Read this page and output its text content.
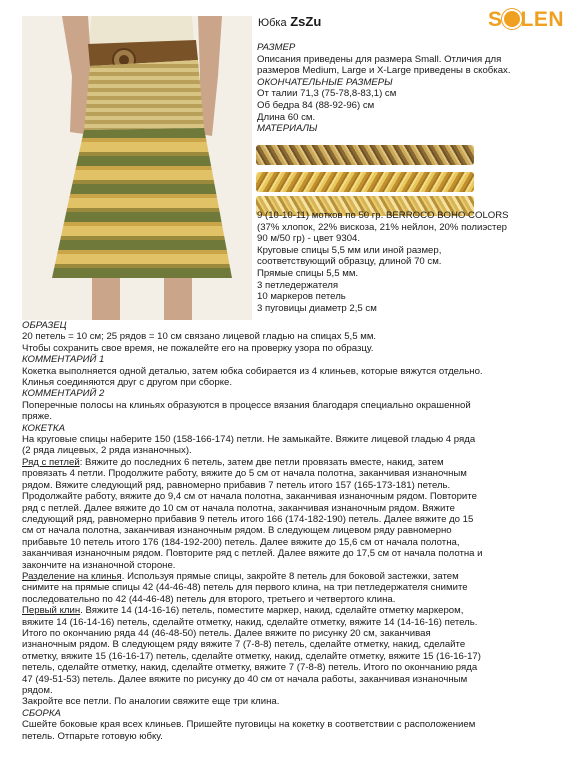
Юбка ZsZu	S LEN

РАЗМЕР

Описания приведены для размера Small. Отличия для

размеров Medium, Large и X-Large приведены в скобках.

ОКОНЧАТЕЛЬНЫЕ РАЗМЕРЫ

От талии 71,3 (75-78,8-83,1) см

Об бедра 84 (88-92-96) см

Длина 60 см.

МАТЕРИАЛЫ

9 (10-10-11) мотков по 50 гр. BERROCO BOHO COLORS

(37% хлопок, 22% вискоза, 21% нейлон, 20% полиэстер

90 м/50 гр) - цвет 9304.

Круговые спицы 5,5 мм или иной размер,

соответствующий образцу, длиной 70 см.

Прямые спицы 5,5 мм.

3 петледержателя

10 маркеров петель

3 пуговицы диаметр 2,5 см

ОБРАЗЕЦ

20 петель = 10 см; 25 рядов = 10 см связано лицевой гладью на спицах 5,5 мм.

Чтобы сохранить свое время, не пожалейте его на проверку узора по образцу.

КОММЕНТАРИЙ 1

Кокетка выполняется одной деталью, затем юбка собирается из 4 клиньев, которые вяжутся отдельно.

Клинья соединяются друг с другом при сборке.

КОММЕНТАРИЙ 2

Поперечные полосы на клиньях образуются в процессе вязания благодаря специально окрашенной

пряже.

КОКЕТКА

На круговые спицы наберите 150 (158-166-174) петли. Не замыкайте. Вяжите лицевой гладью 4 ряда

(2 ряда лицевых, 2 ряда изнаночных).

Ряд с петлей: Вяжите до последних 6 петель, затем две петли провязать вместе, накид, затем

провязать 4 петли. Продолжите работу, вяжите до 5 см от начала полотна, заканчивая изнаночным

рядом. Вяжите следующий ряд, равномерно прибавив 7 петель итого 157 (165-173-181) петель.

Продолжайте работу, вяжите до 9,4 см от начала полотна, заканчивая изнаночным рядом. Повторите

ряд с петлей. Далее вяжите до 10 см от начала полотна, заканчивая изнаночным рядом. Вяжите

следующий ряд, равномерно прибавив 9 петель итого 166 (174-182-190) петель. Далее вяжите до 15

см от начала полотна, заканчивая изнаночным рядом. В следующем лицевом ряду равномерно

прибавьте 10 петель итого 176 (184-192-200) петель. Далее вяжите до 15,6 см от начала полотна,

заканчивая изнаночным рядом. Повторите ряд с петлей. Далее вяжите до 17,5 см от начала полотна и

закончите на изнаночной стороне.

Разделение на клинья. Используя прямые спицы, закройте 8 петель для боковой застежки, затем

снимите на прямые спицы 42 (44-46-48) петель для первого клина, на три петледержателя снимите

последовательно по 42 (44-46-48) петель для второго, третьего и четвертого клина.

Первый клин. Вяжите 14 (14-16-16) петель, поместите маркер, накид, сделайте отметку маркером,

вяжите 14 (16-14-16) петель, сделайте отметку, накид, сделайте отметку, вяжите 14 (14-16-16) петель.

Итого по окончанию ряда 44 (46-48-50) петель. Далее вяжите по рисунку 20 см, заканчивая

изнаночным рядом. В следующем ряду вяжите 7 (7-8-8) петель, сделайте отметку, накид, сделайте

отметку, вяжите 15 (16-16-17) петель, сделайте отметку, накид, сделайте отметку, вяжите 15 (16-16-17)

петель, сделайте отметку, накид, сделайте отметку, вяжите 7 (7-8-8) петель. Итого по окончанию ряда

47 (49-51-53) петель. Далее вяжите по рисунку до 40 см от начала работы, заканчивая изнаночным

рядом.

Закройте все петли. По аналогии свяжите еще три клина.

СБОРКА

Сшейте боковые края всех клиньев. Пришейте пуговицы на кокетку в соответствии с расположением

петель. Отпарьте готовую юбку.
